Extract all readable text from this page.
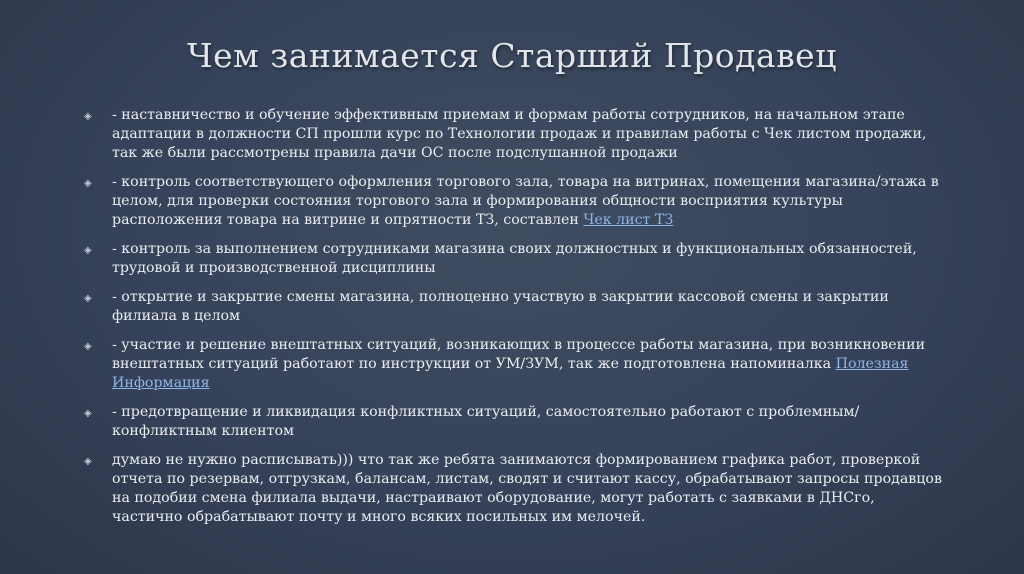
Чем занимается Старший Продавец
◈ - наставничество и обучение эффективным приемам и формам работы сотрудников, на начальном этапе адаптации в должности СП прошли курс по Технологии продаж и правилам работы с Чек листом продажи, так же были рассмотрены правила дачи ОС после подслушанной продажи
◈ - контроль соответствующего оформления торгового зала, товара на витринах, помещения магазина/этажа в целом, для проверки состояния торгового зала и формирования общности восприятия культуры расположения товара на витрине и опрятности ТЗ, составлен Чек лист ТЗ
◈ - контроль за выполнением сотрудниками магазина своих должностных и функциональных обязанностей, трудовой и производственной дисциплины
◈ - открытие и закрытие смены магазина, полноценно участвую в закрытии кассовой смены и закрытии филиала в целом
◈ - участие и решение внештатных ситуаций, возникающих в процессе работы магазина, при возникновении внештатных ситуаций работают по инструкции от УМ/ЗУМ, так же подготовлена напоминалка Полезная Информация
◈ - предотвращение и ликвидация конфликтных ситуаций, самостоятельно работают с проблемным/конфликтным клиентом
◈ думаю не нужно расписывать))) что так же ребята занимаются формированием графика работ, проверкой отчета по резервам, отгрузкам, балансам, листам, сводят и считают кассу, обрабатывают запросы продавцов на подобии смена филиала выдачи, настраивают оборудование, могут работать с заявками в ДНСго, частично обрабатывают почту и много всяких посильных им мелочей.
